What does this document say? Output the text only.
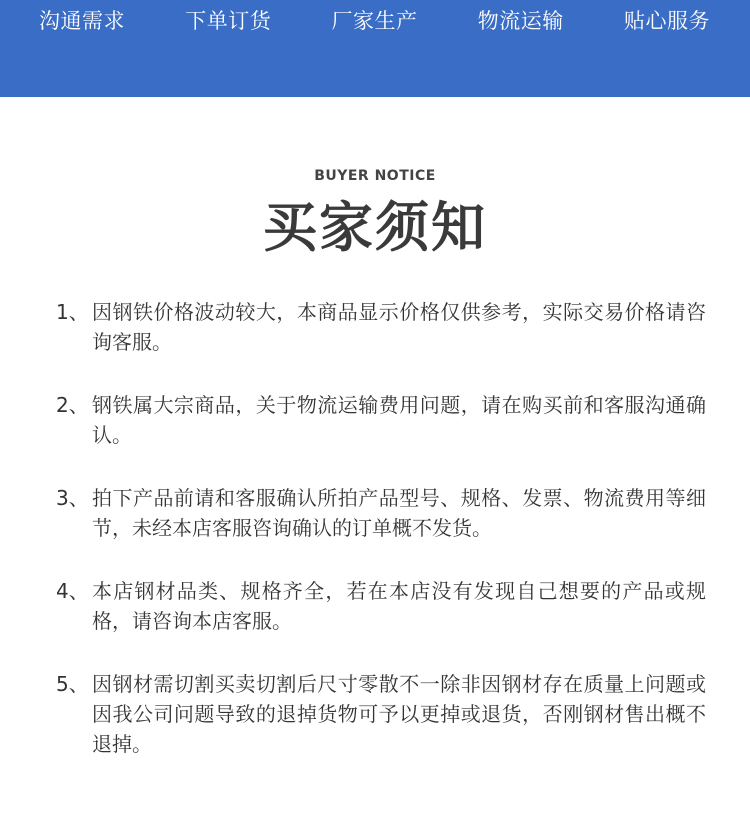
沟通需求	下单订货	厂家生产	物流运输	贴心服务
BUYER NOTICE
买家须知
1、 因钢铁价格波动较大，本商品显示价格仅供参考，实际交易价格请咨询客服。
2、 钢铁属大宗商品，关于物流运输费用问题，请在购买前和客服沟通确认。
3、 拍下产品前请和客服确认所拍产品型号、规格、发票、物流费用等细节，未经本店客服咨询确认的订单概不发货。
4、 本店钢材品类、规格齐全，若在本店没有发现自己想要的产品或规格，请咨询本店客服。
5、 因钢材需切割买卖切割后尺寸零散不一除非因钢材存在质量上问题或因我公司问题导致的退掉货物可予以更掉或退货，否刚钢材售出概不退掉。
